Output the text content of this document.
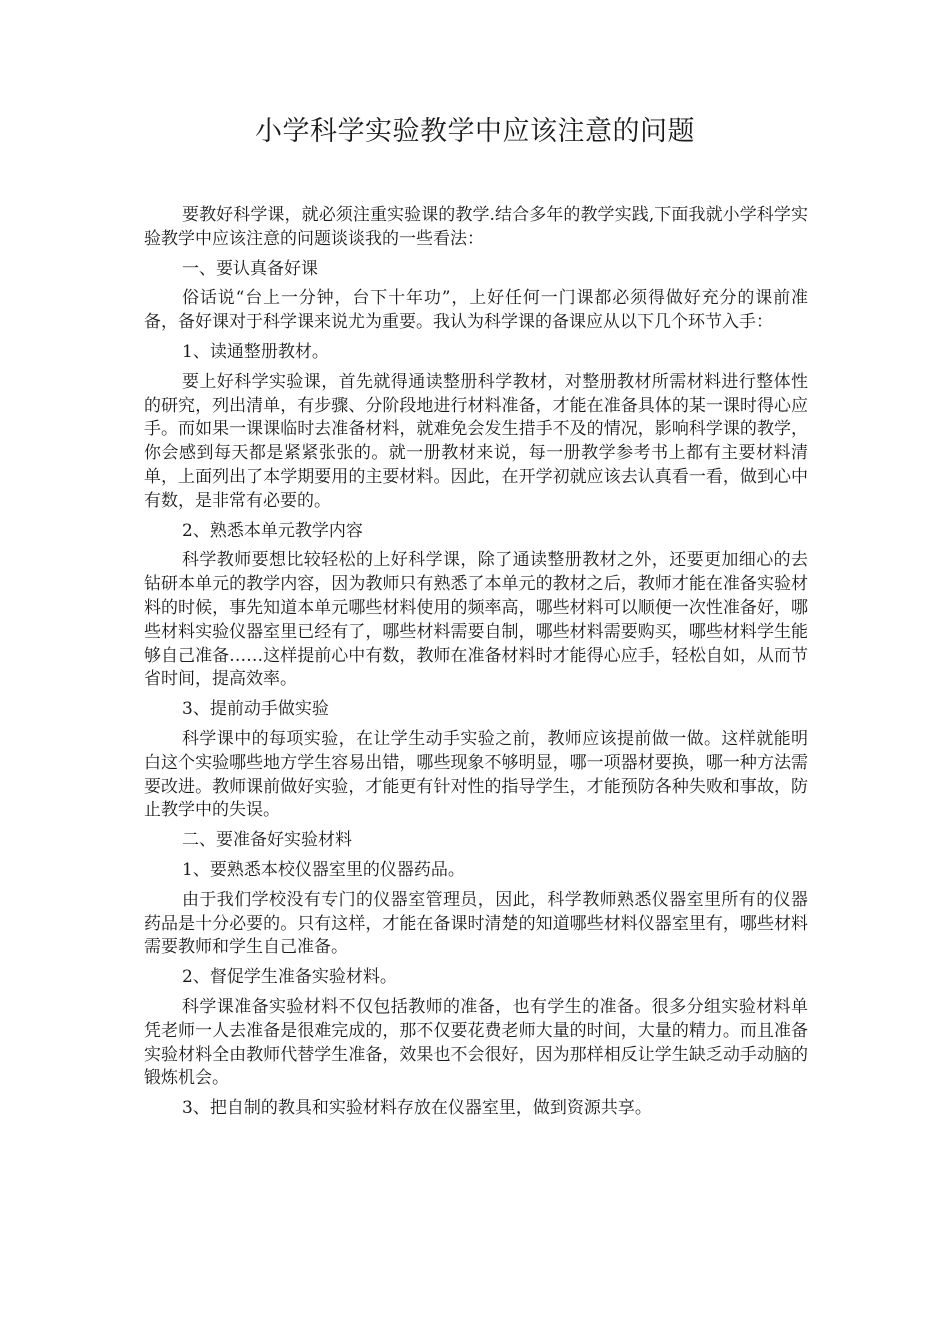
小学科学实验教学中应该注意的问题

要教好科学课，就必须注重实验课的教学.结合多年的教学实践,下面我就小学科学实验教学中应该注意的问题谈谈我的一些看法：

一、要认真备好课

俗话说“台上一分钟，台下十年功”，上好任何一门课都必须得做好充分的课前准备，备好课对于科学课来说尤为重要。我认为科学课的备课应从以下几个环节入手：

1、读通整册教材。

要上好科学实验课，首先就得通读整册科学教材，对整册教材所需材料进行整体性的研究，列出清单，有步骤、分阶段地进行材料准备，才能在准备具体的某一课时得心应手。而如果一课课临时去准备材料，就难免会发生措手不及的情况，影响科学课的教学，你会感到每天都是紧紧张张的。就一册教材来说，每一册教学参考书上都有主要材料清单，上面列出了本学期要用的主要材料。因此，在开学初就应该去认真看一看，做到心中有数，是非常有必要的。

2、熟悉本单元教学内容

科学教师要想比较轻松的上好科学课，除了通读整册教材之外，还要更加细心的去钻研本单元的教学内容，因为教师只有熟悉了本单元的教材之后，教师才能在准备实验材料的时候，事先知道本单元哪些材料使用的频率高，哪些材料可以顺便一次性准备好，哪些材料实验仪器室里已经有了，哪些材料需要自制，哪些材料需要购买，哪些材料学生能够自己准备……这样提前心中有数，教师在准备材料时才能得心应手，轻松自如，从而节省时间，提高效率。

3、提前动手做实验

科学课中的每项实验，在让学生动手实验之前，教师应该提前做一做。这样就能明白这个实验哪些地方学生容易出错，哪些现象不够明显，哪一项器材要换，哪一种方法需要改进。教师课前做好实验，才能更有针对性的指导学生，才能预防各种失败和事故，防止教学中的失误。

二、要准备好实验材料

1、要熟悉本校仪器室里的仪器药品。

由于我们学校没有专门的仪器室管理员，因此，科学教师熟悉仪器室里所有的仪器药品是十分必要的。只有这样，才能在备课时清楚的知道哪些材料仪器室里有，哪些材料需要教师和学生自己准备。

2、督促学生准备实验材料。

科学课准备实验材料不仅包括教师的准备，也有学生的准备。很多分组实验材料单凭老师一人去准备是很难完成的，那不仅要花费老师大量的时间，大量的精力。而且准备实验材料全由教师代替学生准备，效果也不会很好，因为那样相反让学生缺乏动手动脑的锻炼机会。

3、把自制的教具和实验材料存放在仪器室里，做到资源共享。
